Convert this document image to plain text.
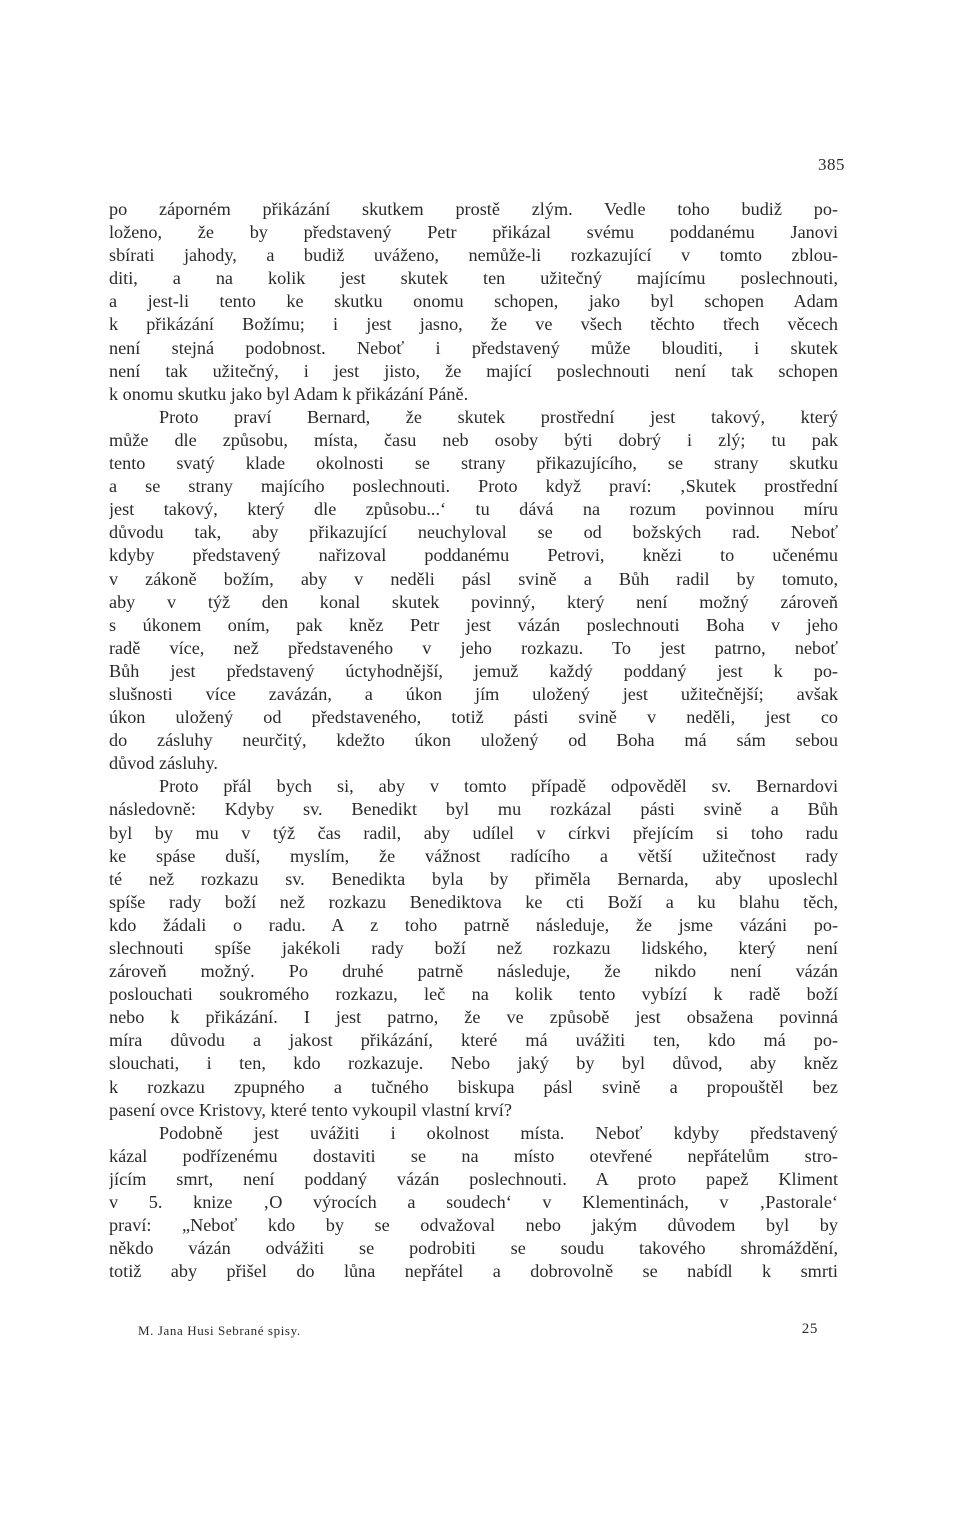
385
po záporném přikázání skutkem prostě zlým. Vedle toho budiž po-
loženo, že by představený Petr přikázal svému poddanému Janovi
sbírati jahody, a budiž uváženo, nemůže-li rozkazující v tomto zblou-
diti, a na kolik jest skutek ten užitečný majícímu poslechnouti,
a jest-li tento ke skutku onomu schopen, jako byl schopen Adam
k přikázání Božímu; i jest jasno, že ve všech těchto třech věcech
není stejná podobnost. Neboť i představený může blouditi, i skutek
není tak užitečný, i jest jisto, že mající poslechnouti není tak schopen
k onomu skutku jako byl Adam k přikázání Páně.
Proto praví Bernard, že skutek prostřední jest takový, který
může dle způsobu, místa, času neb osoby býti dobrý i zlý; tu pak
tento svatý klade okolnosti se strany přikazujícího, se strany skutku
a se strany majícího poslechnouti. Proto když praví: ‚Skutek prostřední
jest takový, který dle způsobu...‘ tu dává na rozum povinnou míru
důvodu tak, aby přikazující neuchyloval se od božských rad. Neboť
kdyby představený nařizoval poddanému Petrovi, knězi to učenému
v zákoně božím, aby v neděli pásl svině a Bůh radil by tomuto,
aby v týž den konal skutek povinný, který není možný zároveň
s úkonem oním, pak kněz Petr jest vázán poslechnouti Boha v jeho
radě více, než představeného v jeho rozkazu. To jest patrno, neboť
Bůh jest představený úctyhodnější, jemuž každý poddaný jest k po-
slušnosti více zavázán, a úkon jím uložený jest užitečnější; avšak
úkon uložený od představeného, totiž pásti svině v neděli, jest co
do zásluhy neurčitý, kdežto úkon uložený od Boha má sám sebou
důvod zásluhy.
Proto přál bych si, aby v tomto případě odpověděl sv. Bernardovi
následovně: Kdyby sv. Benedikt byl mu rozkázal pásti svině a Bůh
byl by mu v týž čas radil, aby udílel v církvi přejícím si toho radu
ke spáse duší, myslím, že vážnost radícího a větší užitečnost rady
té než rozkazu sv. Benedikta byla by přiměla Bernarda, aby uposlechl
spíše rady boží než rozkazu Benediktova ke cti Boží a ku blahu těch,
kdo žádali o radu. A z toho patrně následuje, že jsme vázáni po-
slechnouti spíše jakékoli rady boží než rozkazu lidského, který není
zároveň možný. Po druhé patrně následuje, že nikdo není vázán
poslouchati soukromého rozkazu, leč na kolik tento vybízí k radě boží
nebo k přikázání. I jest patrno, že ve způsobě jest obsažena povinná
míra důvodu a jakost přikázání, které má uvážiti ten, kdo má po-
slouchati, i ten, kdo rozkazuje. Nebo jaký by byl důvod, aby kněz
k rozkazu zpupného a tučného biskupa pásl svině a propouštěl bez
pasení ovce Kristovy, které tento vykoupil vlastní krví?
Podobně jest uvážiti i okolnost místa. Neboť kdyby představený
kázal podřízenému dostaviti se na místo otevřené nepřátelům stro-
jícím smrt, není poddaný vázán poslechnouti. A proto papež Kliment
v 5. knize ‚O výrocích a soudech‘ v Klementinách, v ‚Pastorale‘
praví: „Neboť kdo by se odvažoval nebo jakým důvodem byl by
někdo vázán odvážiti se podrobiti se soudu takového shromáždění,
totiž aby přišel do lůna nepřátel a dobrovolně se nabídl k smrti
M. Jana Husi Sebrané spisy.	25
